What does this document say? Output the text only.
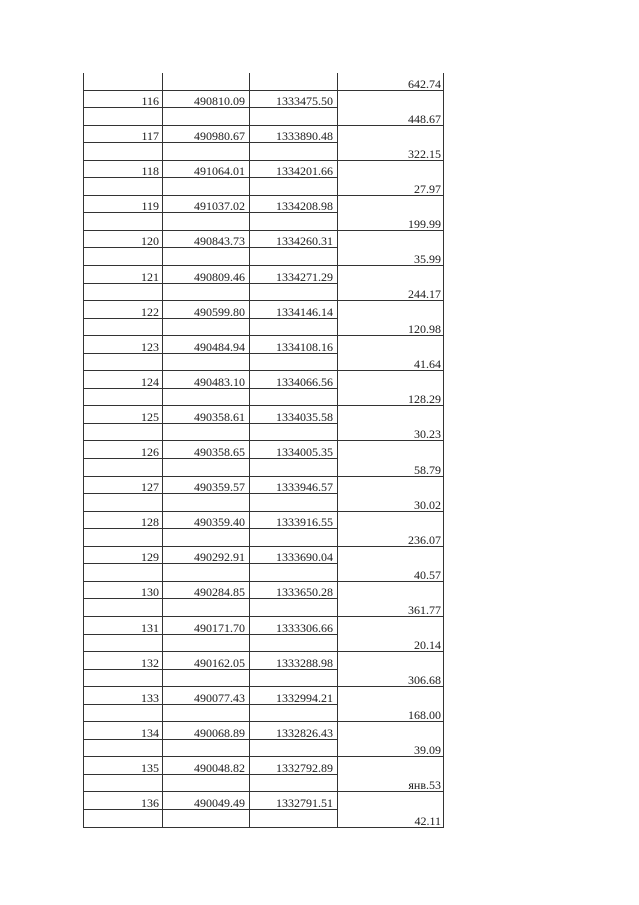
			642.74
116	490810.09	1333475.50	
			448.67
117	490980.67	1333890.48	
			322.15
118	491064.01	1334201.66	
			27.97
119	491037.02	1334208.98	
			199.99
120	490843.73	1334260.31	
			35.99
121	490809.46	1334271.29	
			244.17
122	490599.80	1334146.14	
			120.98
123	490484.94	1334108.16	
			41.64
124	490483.10	1334066.56	
			128.29
125	490358.61	1334035.58	
			30.23
126	490358.65	1334005.35	
			58.79
127	490359.57	1333946.57	
			30.02
128	490359.40	1333916.55	
			236.07
129	490292.91	1333690.04	
			40.57
130	490284.85	1333650.28	
			361.77
131	490171.70	1333306.66	
			20.14
132	490162.05	1333288.98	
			306.68
133	490077.43	1332994.21	
			168.00
134	490068.89	1332826.43	
			39.09
135	490048.82	1332792.89	
			янв.53
136	490049.49	1332791.51	
			42.11
